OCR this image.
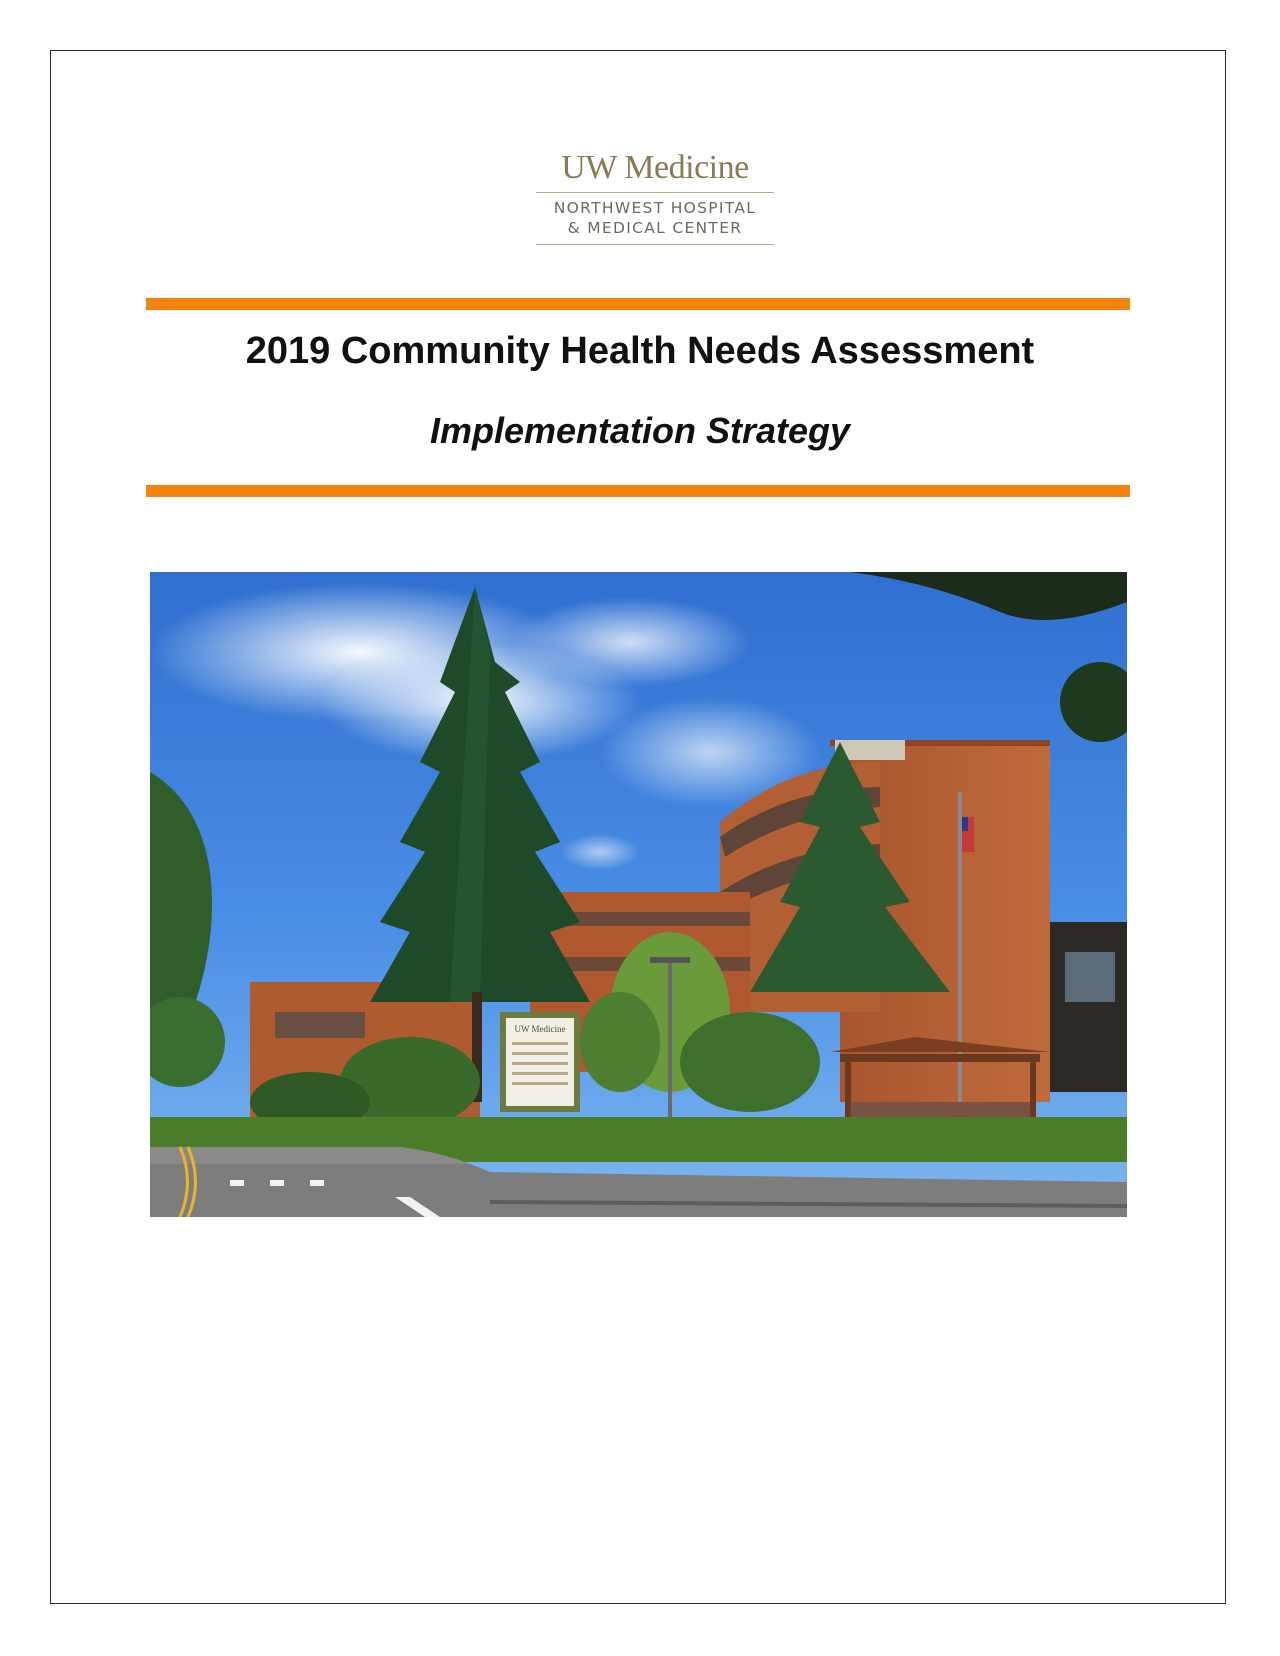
UW Medicine
NORTHWEST HOSPITAL
& MEDICAL CENTER
2019 Community Health Needs Assessment
Implementation Strategy
UW Medicine
